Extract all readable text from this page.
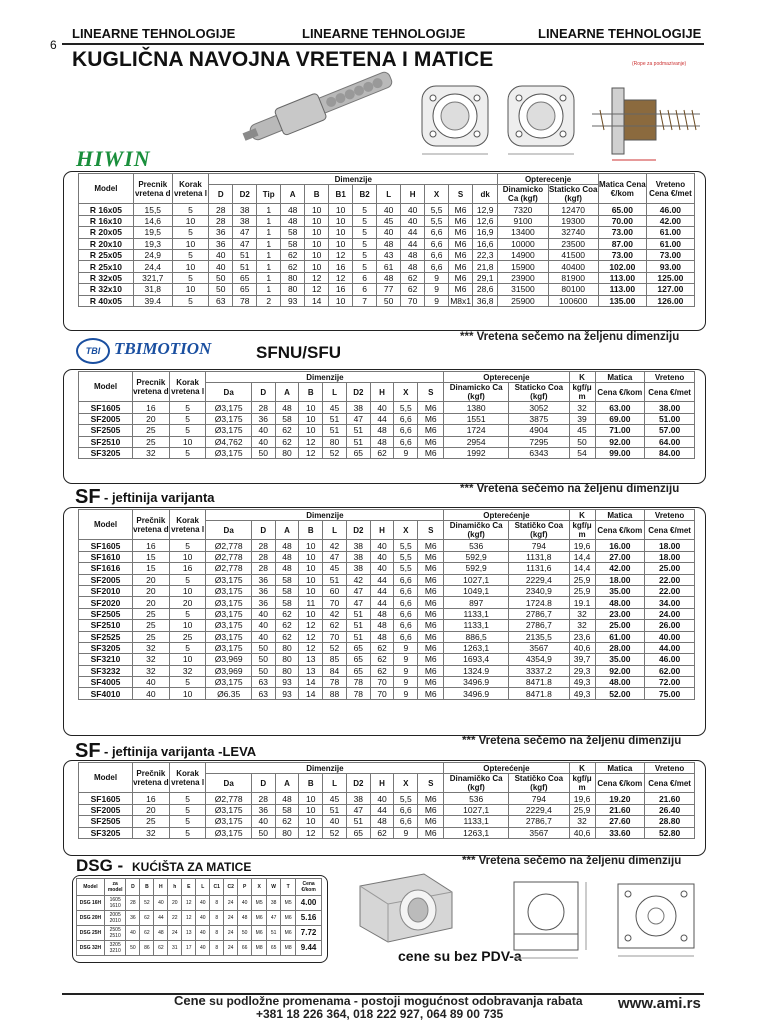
6
LINEARNE TEHNOLOGIJE	LINEARNE TEHNOLOGIJE	LINEARNE TEHNOLOGIJE
KUGLIČNA NAVOJNA VRETENA I MATICE	(Rope za podmazivanje)
HIWIN
Model	Precnik vretena d	Korak vretena l	Dimenzije												Opterecenje		Matica Cena €/kom	Vreteno Cena €/met
			D	D2	Tip	A	B	B1	B2	L	H	X	S	dk	Dinamicko Ca (kgf)	Staticko Coa (kgf)		
R 16x05	15,5	5	28	38	1	48	10	10	5	40	40	5,5	M6	12,9	7320	12470	65.00	46.00
R 16x10	14,6	10	28	38	1	48	10	10	5	45	40	5,5	M6	12,6	9100	19300	70.00	42.00
R 20x05	19,5	5	36	47	1	58	10	10	5	40	44	6,6	M6	16,9	13400	32740	73.00	61.00
R 20x10	19,3	10	36	47	1	58	10	10	5	48	44	6,6	M6	16,6	10000	23500	87.00	61.00
R 25x05	24,9	5	40	51	1	62	10	12	5	43	48	6,6	M6	22,3	14900	41500	73.00	73.00
R 25x10	24,4	10	40	51	1	62	10	16	5	61	48	6,6	M6	21,8	15900	40400	102.00	93.00
R 32x05	321,7	5	50	65	1	80	12	12	6	48	62	9	M6	29,1	23900	81900	113.00	125.00
R 32x10	31,8	10	50	65	1	80	12	16	6	77	62	9	M6	28,6	31500	80100	113.00	127.00
R 40x05	39.4	5	63	78	2	93	14	10	7	50	70	9	M8x1	36,8	25900	100600	135.00	126.00
*** Vretena sečemo na željenu dimenziju
TBI TBIMOTION	SFNU/SFU
Model	Precnik vretena d	Korak vretena l	Dimenzije									Opterecenje		K	Matica	Vreteno
			Da	D	A	B	L	D2	H	X	S	Dinamicko Ca (kgf)	Staticko Coa (kgf)	kgf/μ m	Cena €/kom	Cena €/met
SF1605	16	5	Ø3,175	28	48	10	45	38	40	5,5	M6	1380	3052	32	63.00	38.00
SF2005	20	5	Ø3,175	36	58	10	51	47	44	6,6	M6	1551	3875	39	69.00	51.00
SF2505	25	5	Ø3,175	40	62	10	51	51	48	6,6	M6	1724	4904	45	71.00	57.00
SF2510	25	10	Ø4,762	40	62	12	80	51	48	6,6	M6	2954	7295	50	92.00	64.00
SF3205	32	5	Ø3,175	50	80	12	52	65	62	9	M6	1992	6343	54	99.00	84.00
*** Vretena sečemo na željenu dimenziju
SF - jeftinija varijanta
Model	Prečnik vretena d	Korak vretena l	Dimenzije									Opterećenje		K	Matica	Vreteno
			Da	D	A	B	L	D2	H	X	S	Dinamičko Ca (kgf)	Statičko Coa (kgf)	kgf/μ m	Cena €/kom	Cena €/met
SF1605	16	5	Ø2,778	28	48	10	42	38	40	5,5	M6	536	794	19,6	16.00	18.00
SF1610	15	10	Ø2,778	28	48	10	47	38	40	5,5	M6	592,9	1131,8	14,4	27.00	18.00
SF1616	15	16	Ø2,778	28	48	10	45	38	40	5,5	M6	592,9	1131,6	14,4	42.00	25.00
SF2005	20	5	Ø3,175	36	58	10	51	42	44	6,6	M6	1027,1	2229,4	25,9	18.00	22.00
SF2010	20	10	Ø3,175	36	58	10	60	47	44	6,6	M6	1049,1	2340,9	25,9	35.00	22.00
SF2020	20	20	Ø3,175	36	58	11	70	47	44	6,6	M6	897	1724.8	19.1	48.00	34.00
SF2505	25	5	Ø3,175	40	62	10	42	51	48	6,6	M6	1133,1	2786,7	32	23.00	24.00
SF2510	25	10	Ø3,175	40	62	12	62	51	48	6,6	M6	1133,1	2786,7	32	25.00	26.00
SF2525	25	25	Ø3,175	40	62	12	70	51	48	6,6	M6	886,5	2135,5	23,6	61.00	40.00
SF3205	32	5	Ø3,175	50	80	12	52	65	62	9	M6	1263,1	3567	40,6	28.00	44.00
SF3210	32	10	Ø3,969	50	80	13	85	65	62	9	M6	1693,4	4354,9	39,7	35.00	46.00
SF3232	32	32	Ø3,969	50	80	13	84	65	62	9	M6	1324.9	3337.2	29,3	92.00	62.00
SF4005	40	5	Ø3,175	63	93	14	78	78	70	9	M6	3496.9	8471.8	49,3	48.00	72.00
SF4010	40	10	Ø6.35	63	93	14	88	78	70	9	M6	3496.9	8471.8	49,3	52.00	75.00
*** Vretena sečemo na željenu dimenziju
SF - jeftinija varijanta -LEVA
Model	Prečnik vretena d	Korak vretena l	Dimenzije									Opterećenje		K	Matica	Vreteno
			Da	D	A	B	L	D2	H	X	S	Dinamičko Ca (kgf)	Statičko Coa (kgf)	kgf/μ m	Cena €/kom	Cena €/met
SF1605	16	5	Ø2,778	28	48	10	45	38	40	5,5	M6	536	794	19,6	19.20	21.60
SF2005	20	5	Ø3,175	36	58	10	51	47	44	6,6	M6	1027,1	2229,4	25,9	21.60	26.40
SF2505	25	5	Ø3,175	40	62	10	40	51	48	6,6	M6	1133,1	2786,7	32	27.60	28.80
SF3205	32	5	Ø3,175	50	80	12	52	65	62	9	M6	1263,1	3567	40,6	33.60	52.80
*** Vretena sečemo na željenu dimenziju
DSG - KUĆIŠTA ZA MATICE
Model	za model	D	B	H	h	E	L	C1	C2	P	X	W	T	Cena €/kom
DSG 16H	1605 1610	28	52	40	20	12	40	8	24	40	M5	38	M5	4.00
DSG 20H	2005 2010	36	62	44	22	12	40	8	24	48	M6	47	M6	5.16
DSG 25H	2505 2510	40	62	48	24	13	40	8	24	50	M6	51	M6	7.72
DSG 32H	3205 3210	50	86	62	31	17	40	8	24	66	M8	65	M8	9.44
cene su bez PDV-a
Cene su podložne promenama - postoji mogućnost odobravanja rabata
+381 18 226 364, 018 222 927, 064 89 00 735
www.ami.rs
